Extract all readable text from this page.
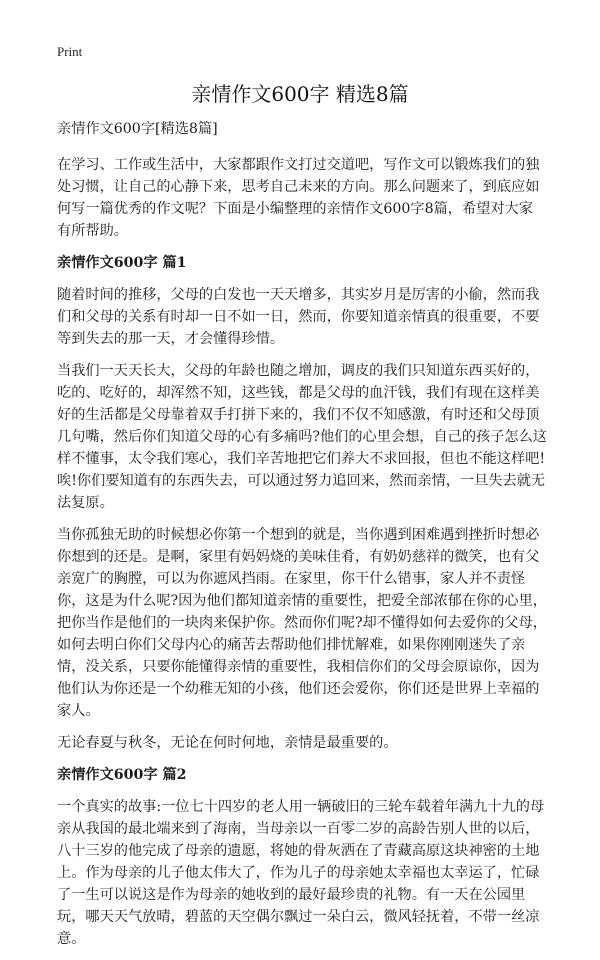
Print
亲情作文600字 精选8篇

亲情作文600字[精选8篇]

在学习、工作或生活中，大家都跟作文打过交道吧，写作文可以锻炼我们的独处习惯，让自己的心静下来，思考自己未来的方向。那么问题来了，到底应如何写一篇优秀的作文呢？下面是小编整理的亲情作文600字8篇，希望对大家有所帮助。

亲情作文600字 篇1

随着时间的推移，父母的白发也一天天增多，其实岁月是厉害的小偷，然而我们和父母的关系有时却一日不如一日，然而，你要知道亲情真的很重要，不要等到失去的那一天，才会懂得珍惜。

当我们一天天长大，父母的年龄也随之增加，调皮的我们只知道东西买好的，吃的、吃好的，却浑然不知，这些钱，都是父母的血汗钱，我们有现在这样美好的生活都是父母靠着双手打拼下来的，我们不仅不知感激，有时还和父母顶几句嘴，然后你们知道父母的心有多痛吗?他们的心里会想，自己的孩子怎么这样不懂事，太令我们寒心，我们辛苦地把它们养大不求回报，但也不能这样吧!唉!你们要知道有的东西失去，可以通过努力追回来，然而亲情，一旦失去就无法复原。

当你孤独无助的时候想必你第一个想到的就是，当你遇到困难遇到挫折时想必你想到的还是。是啊，家里有妈妈烧的美味佳肴，有奶奶慈祥的微笑，也有父亲宽广的胸膛，可以为你遮风挡雨。在家里，你干什么错事，家人并不责怪你，这是为什么呢?因为他们都知道亲情的重要性，把爱全部浓郁在你的心里，把你当作是他们的一块肉来保护你。然而你们呢?却不懂得如何去爱你的父母，如何去明白你们父母内心的痛苦去帮助他们排忧解难，如果你刚刚迷失了亲情，没关系，只要你能懂得亲情的重要性，我相信你们的父母会原谅你，因为他们认为你还是一个幼稚无知的小孩，他们还会爱你，你们还是世界上幸福的家人。

无论春夏与秋冬，无论在何时何地，亲情是最重要的。

亲情作文600字 篇2

一个真实的故事:一位七十四岁的老人用一辆破旧的三轮车载着年满九十九的母亲从我国的最北端来到了海南，当母亲以一百零二岁的高龄告别人世的以后，八十三岁的他完成了母亲的遗愿，将她的骨灰洒在了青藏高原这块神密的土地上。作为母亲的儿子他太伟大了，作为儿子的母亲她太幸福也太幸运了，忙碌了一生可以说这是作为母亲的她收到的最好最珍贵的礼物。有一天在公园里玩，哪天天气放晴，碧蓝的天空偶尔飘过一朵白云，微风轻抚着，不带一丝凉意。
